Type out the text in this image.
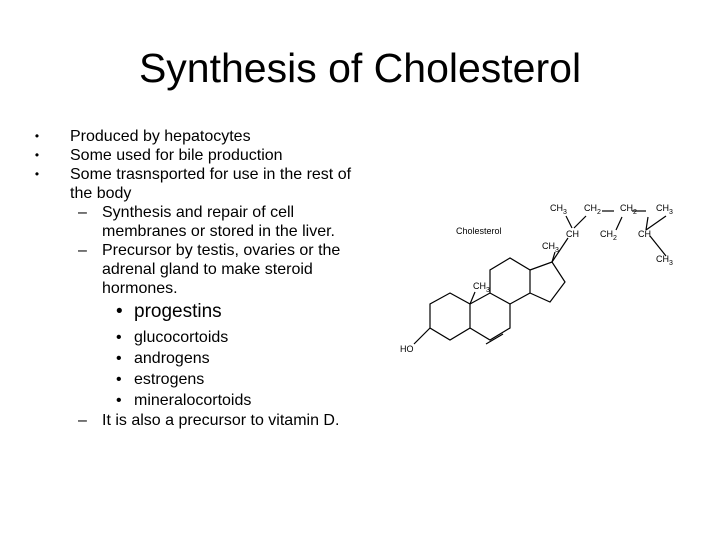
Synthesis of Cholesterol
•	Produced by hepatocytes
•	Some used for bile production
•	Some trasnsported for use in the rest of the body
– Synthesis and repair of cell membranes or stored in the liver.
– Precursor by testis, ovaries or the adrenal gland to make steroid hormones.
• progestins
• glucocortoids
• androgens
• estrogens
• mineralocortoids
– It is also a precursor to vitamin D.
Cholesterol
HO
$CH_3$
$CH_3$
CH
$CH_3$ $CH_2$
$CH_2$
$CH_2$
CH
$CH_3$
$CH_3$
